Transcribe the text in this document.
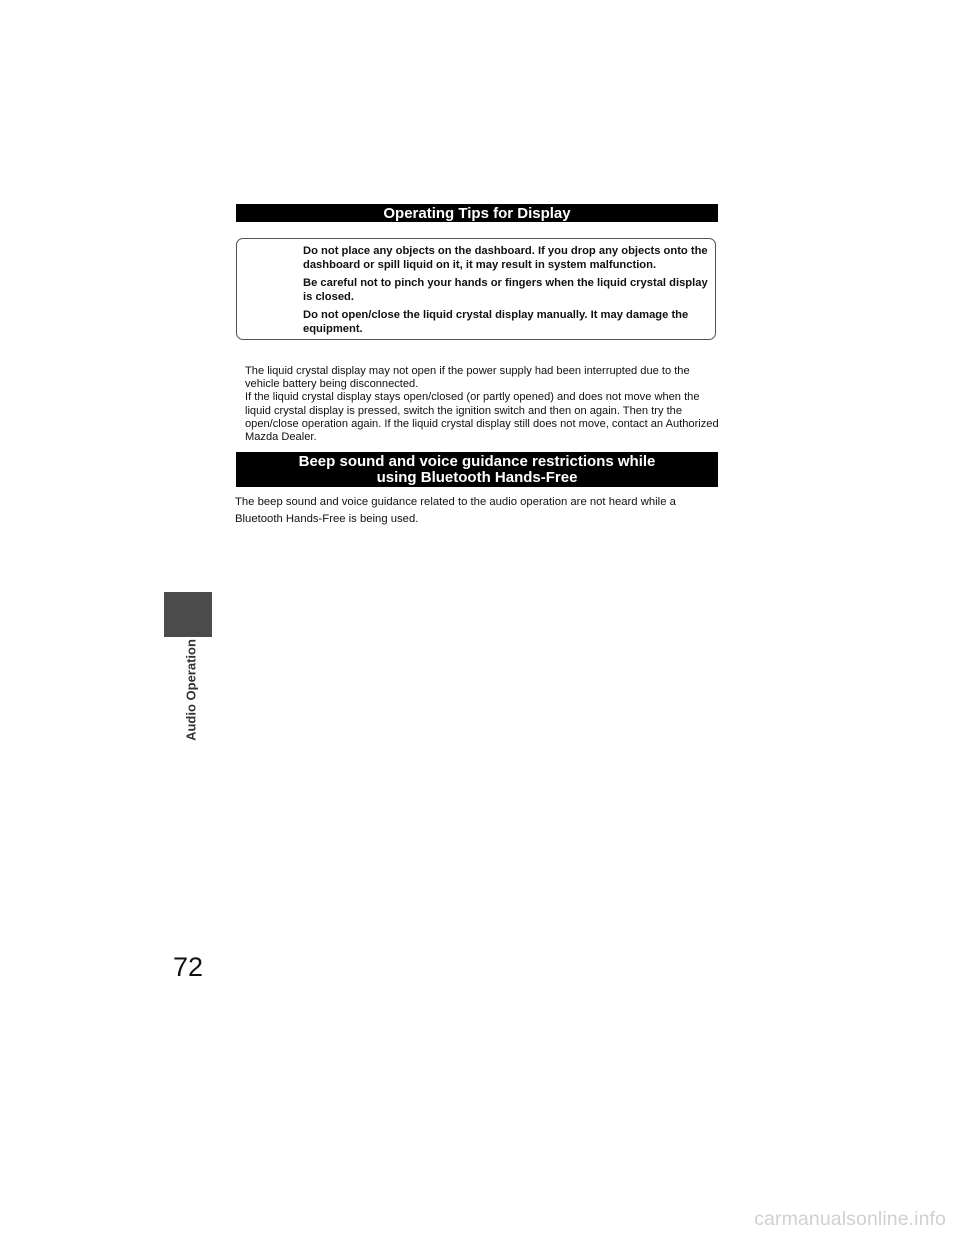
Audio Operation
72
Operating Tips for Display

Do not place any objects on the dashboard. If you drop any objects onto the dashboard or spill liquid on it, it may result in system malfunction.

Be careful not to pinch your hands or fingers when the liquid crystal display is closed.

Do not open/close the liquid crystal display manually. It may damage the equipment.

The liquid crystal display may not open if the power supply had been interrupted due to the vehicle battery being disconnected.

If the liquid crystal display stays open/closed (or partly opened) and does not move when the liquid crystal display is pressed, switch the ignition switch and then on again. Then try the open/close operation again. If the liquid crystal display still does not move, contact an Authorized Mazda Dealer.

Beep sound and voice guidance restrictions while
using Bluetooth Hands-Free
The beep sound and voice guidance related to the audio operation are not heard while a Bluetooth Hands-Free is being used.
carmanualsonline.info
